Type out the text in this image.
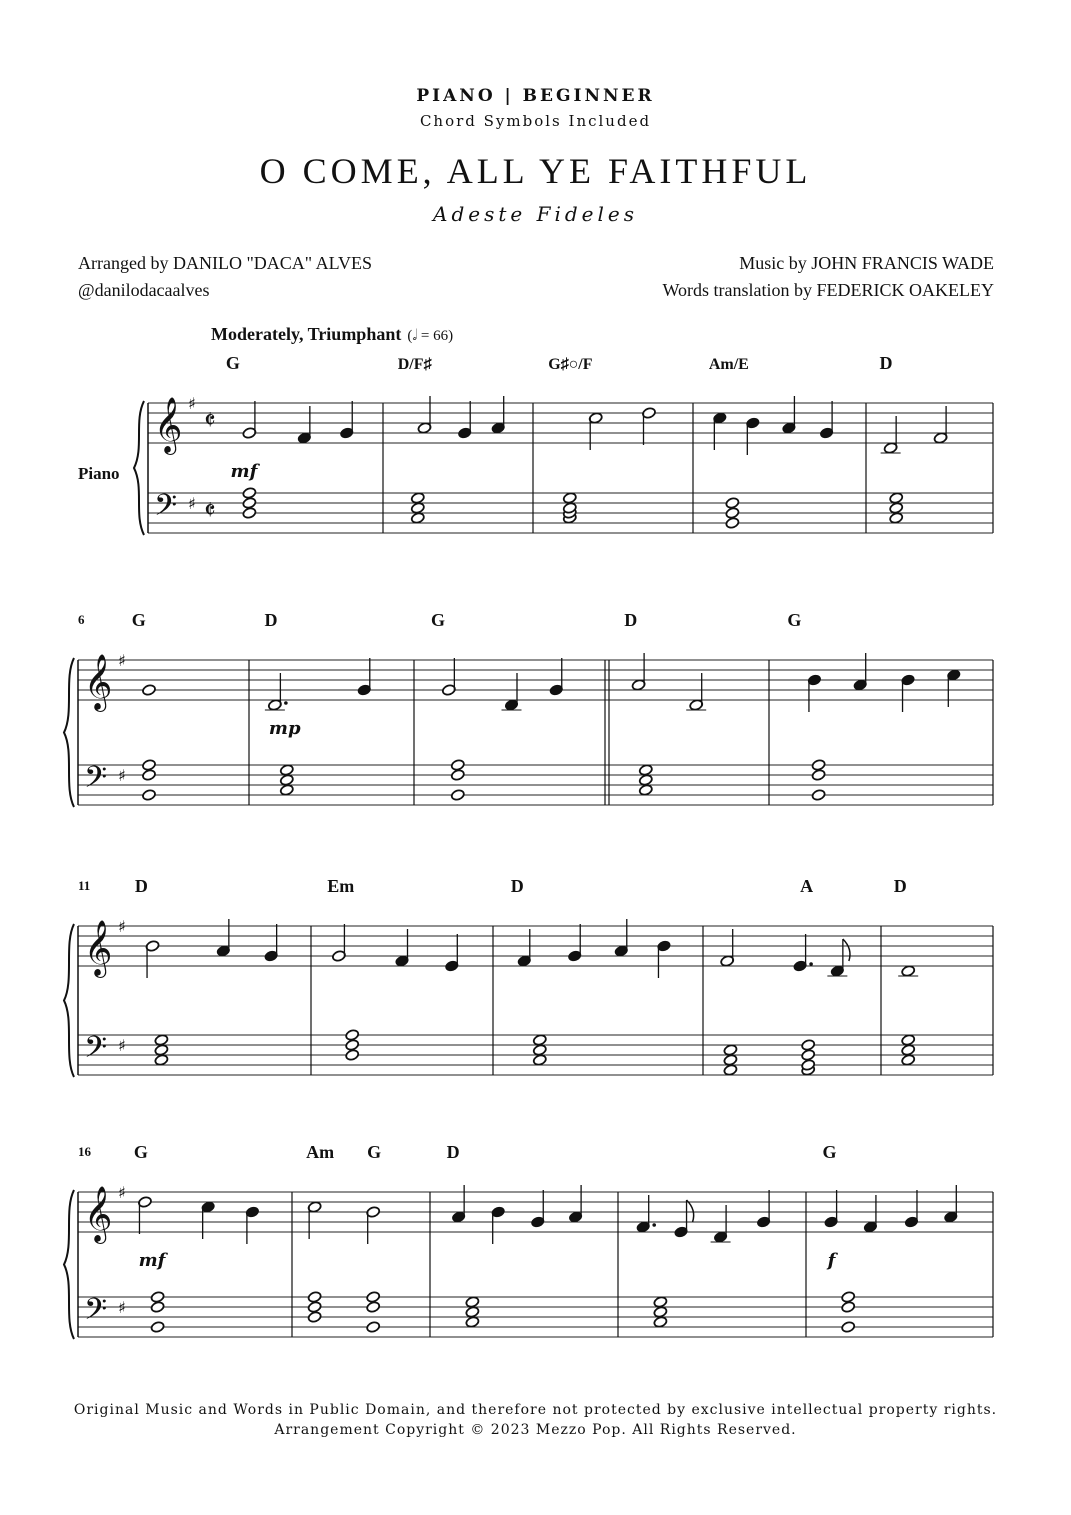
PIANO | BEGINNER
Chord Symbols Included
O COME, ALL YE FAITHFUL
Adeste Fideles
Arranged by DANILO "DACA" ALVES
@danilodacaalves
Music by JOHN FRANCIS WADE
Words translation by FEDERICK OAKELEY
Moderately, Triumphant (𝅗𝅥 = 66)
𝄞
𝄢
♯
♯
𝄵
𝄵
Piano
G
mf
D/F♯	G♯○/F	Am/E	D
𝄞
𝄢
♯
♯
6	G	D
mp
G	D	G
𝄞
𝄢
♯
♯
11 D	Em	D	A	D
𝄞
𝄢
♯
♯
16 G
mf
Am G	D	G
f
Original Music and Words in Public Domain, and therefore not protected by exclusive intellectual property rights.
Arrangement Copyright © 2023 Mezzo Pop. All Rights Reserved.
